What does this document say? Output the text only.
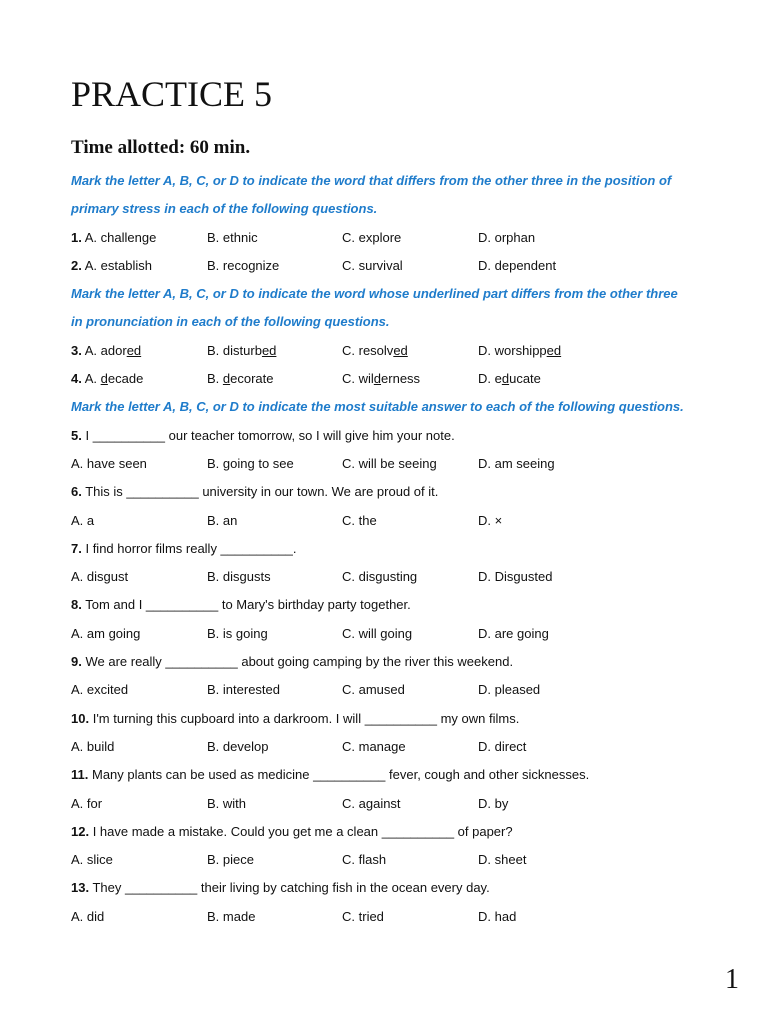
PRACTICE 5
Time allotted: 60 min.
Mark the letter A, B, C, or D to indicate the word that differs from the other three in the position of
primary stress in each of the following questions.
1. A. challenge	B. ethnic	C. explore	D. orphan
2. A. establish	B. recognize	C. survival	D. dependent
Mark the letter A, B, C, or D to indicate the word whose underlined part differs from the other three
in pronunciation in each of the following questions.
3. A. adored	B. disturbed	C. resolved	D. worshipped
4. A. decade	B. decorate	C. wilderness	D. educate
Mark the letter A, B, C, or D to indicate the most suitable answer to each of the following questions.
5. I __________ our teacher tomorrow, so I will give him your note.
A. have seen	B. going to see	C. will be seeing	D. am seeing
6. This is __________ university in our town. We are proud of it.
A. a	B. an	C. the	D. ×
7. I find horror films really __________.
A. disgust	B. disgusts	C. disgusting	D. Disgusted
8. Tom and I __________ to Mary's birthday party together.
A. am going	B. is going	C. will going	D. are going
9. We are really __________ about going camping by the river this weekend.
A. excited	B. interested	C. amused	D. pleased
10. I'm turning this cupboard into a darkroom. I will __________ my own films.
A. build	B. develop	C. manage	D. direct
11. Many plants can be used as medicine __________ fever, cough and other sicknesses.
A. for	B. with	C. against	D. by
12. I have made a mistake. Could you get me a clean __________ of paper?
A. slice	B. piece	C. flash	D. sheet
13. They __________ their living by catching fish in the ocean every day.
A. did	B. made	C. tried	D. had
1
